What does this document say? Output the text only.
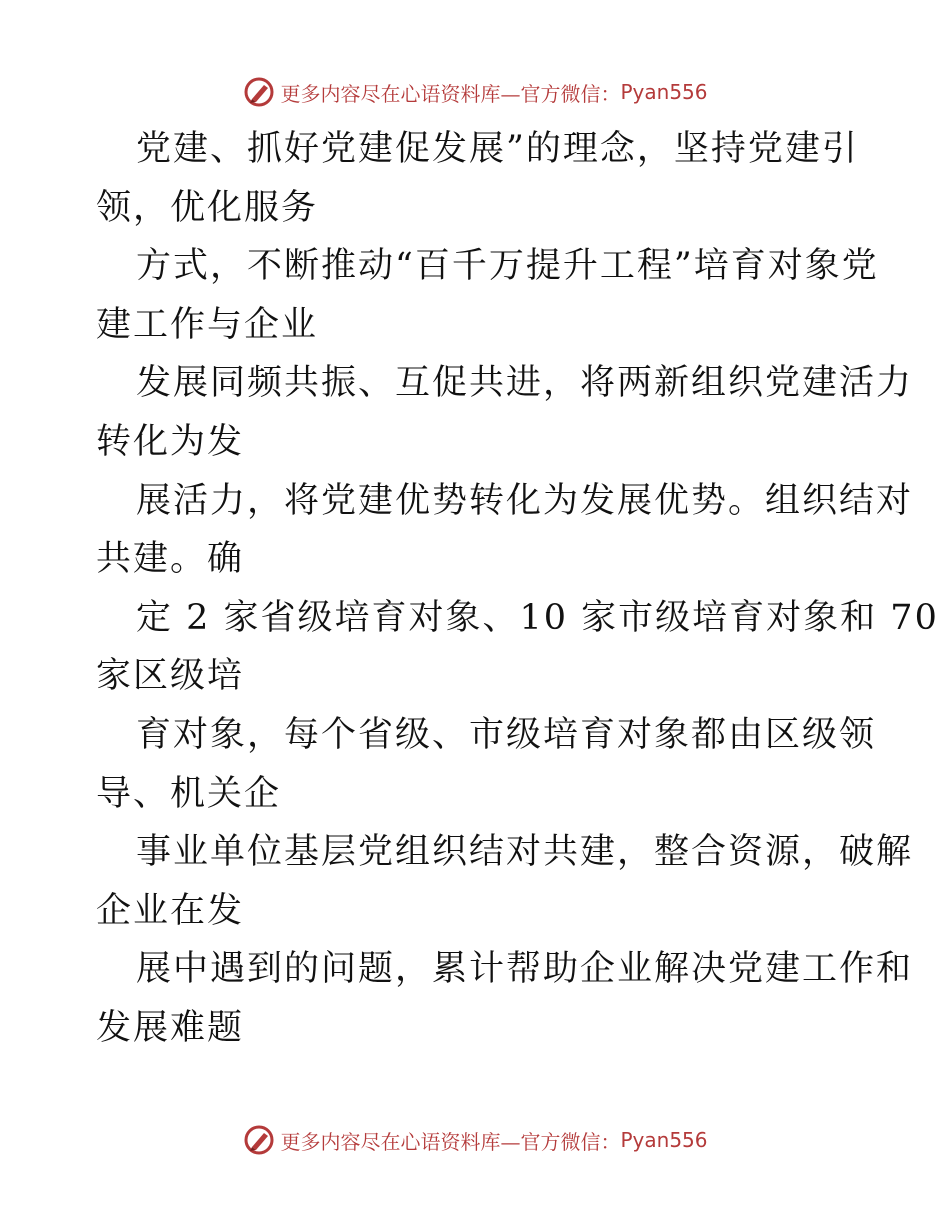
更多内容尽在心语资料库—官方微信： Pyan556
党建、抓好党建促发展”的理念，坚持党建引
领，优化服务
方式，不断推动“百千万提升工程”培育对象党
建工作与企业
发展同频共振、互促共进，将两新组织党建活力
转化为发
展活力，将党建优势转化为发展优势。组织结对
共建。确
定 2 家省级培育对象、10 家市级培育对象和 70
家区级培
育对象，每个省级、市级培育对象都由区级领
导、机关企
事业单位基层党组织结对共建，整合资源，破解
企业在发
展中遇到的问题，累计帮助企业解决党建工作和
发展难题
更多内容尽在心语资料库—官方微信： Pyan556
